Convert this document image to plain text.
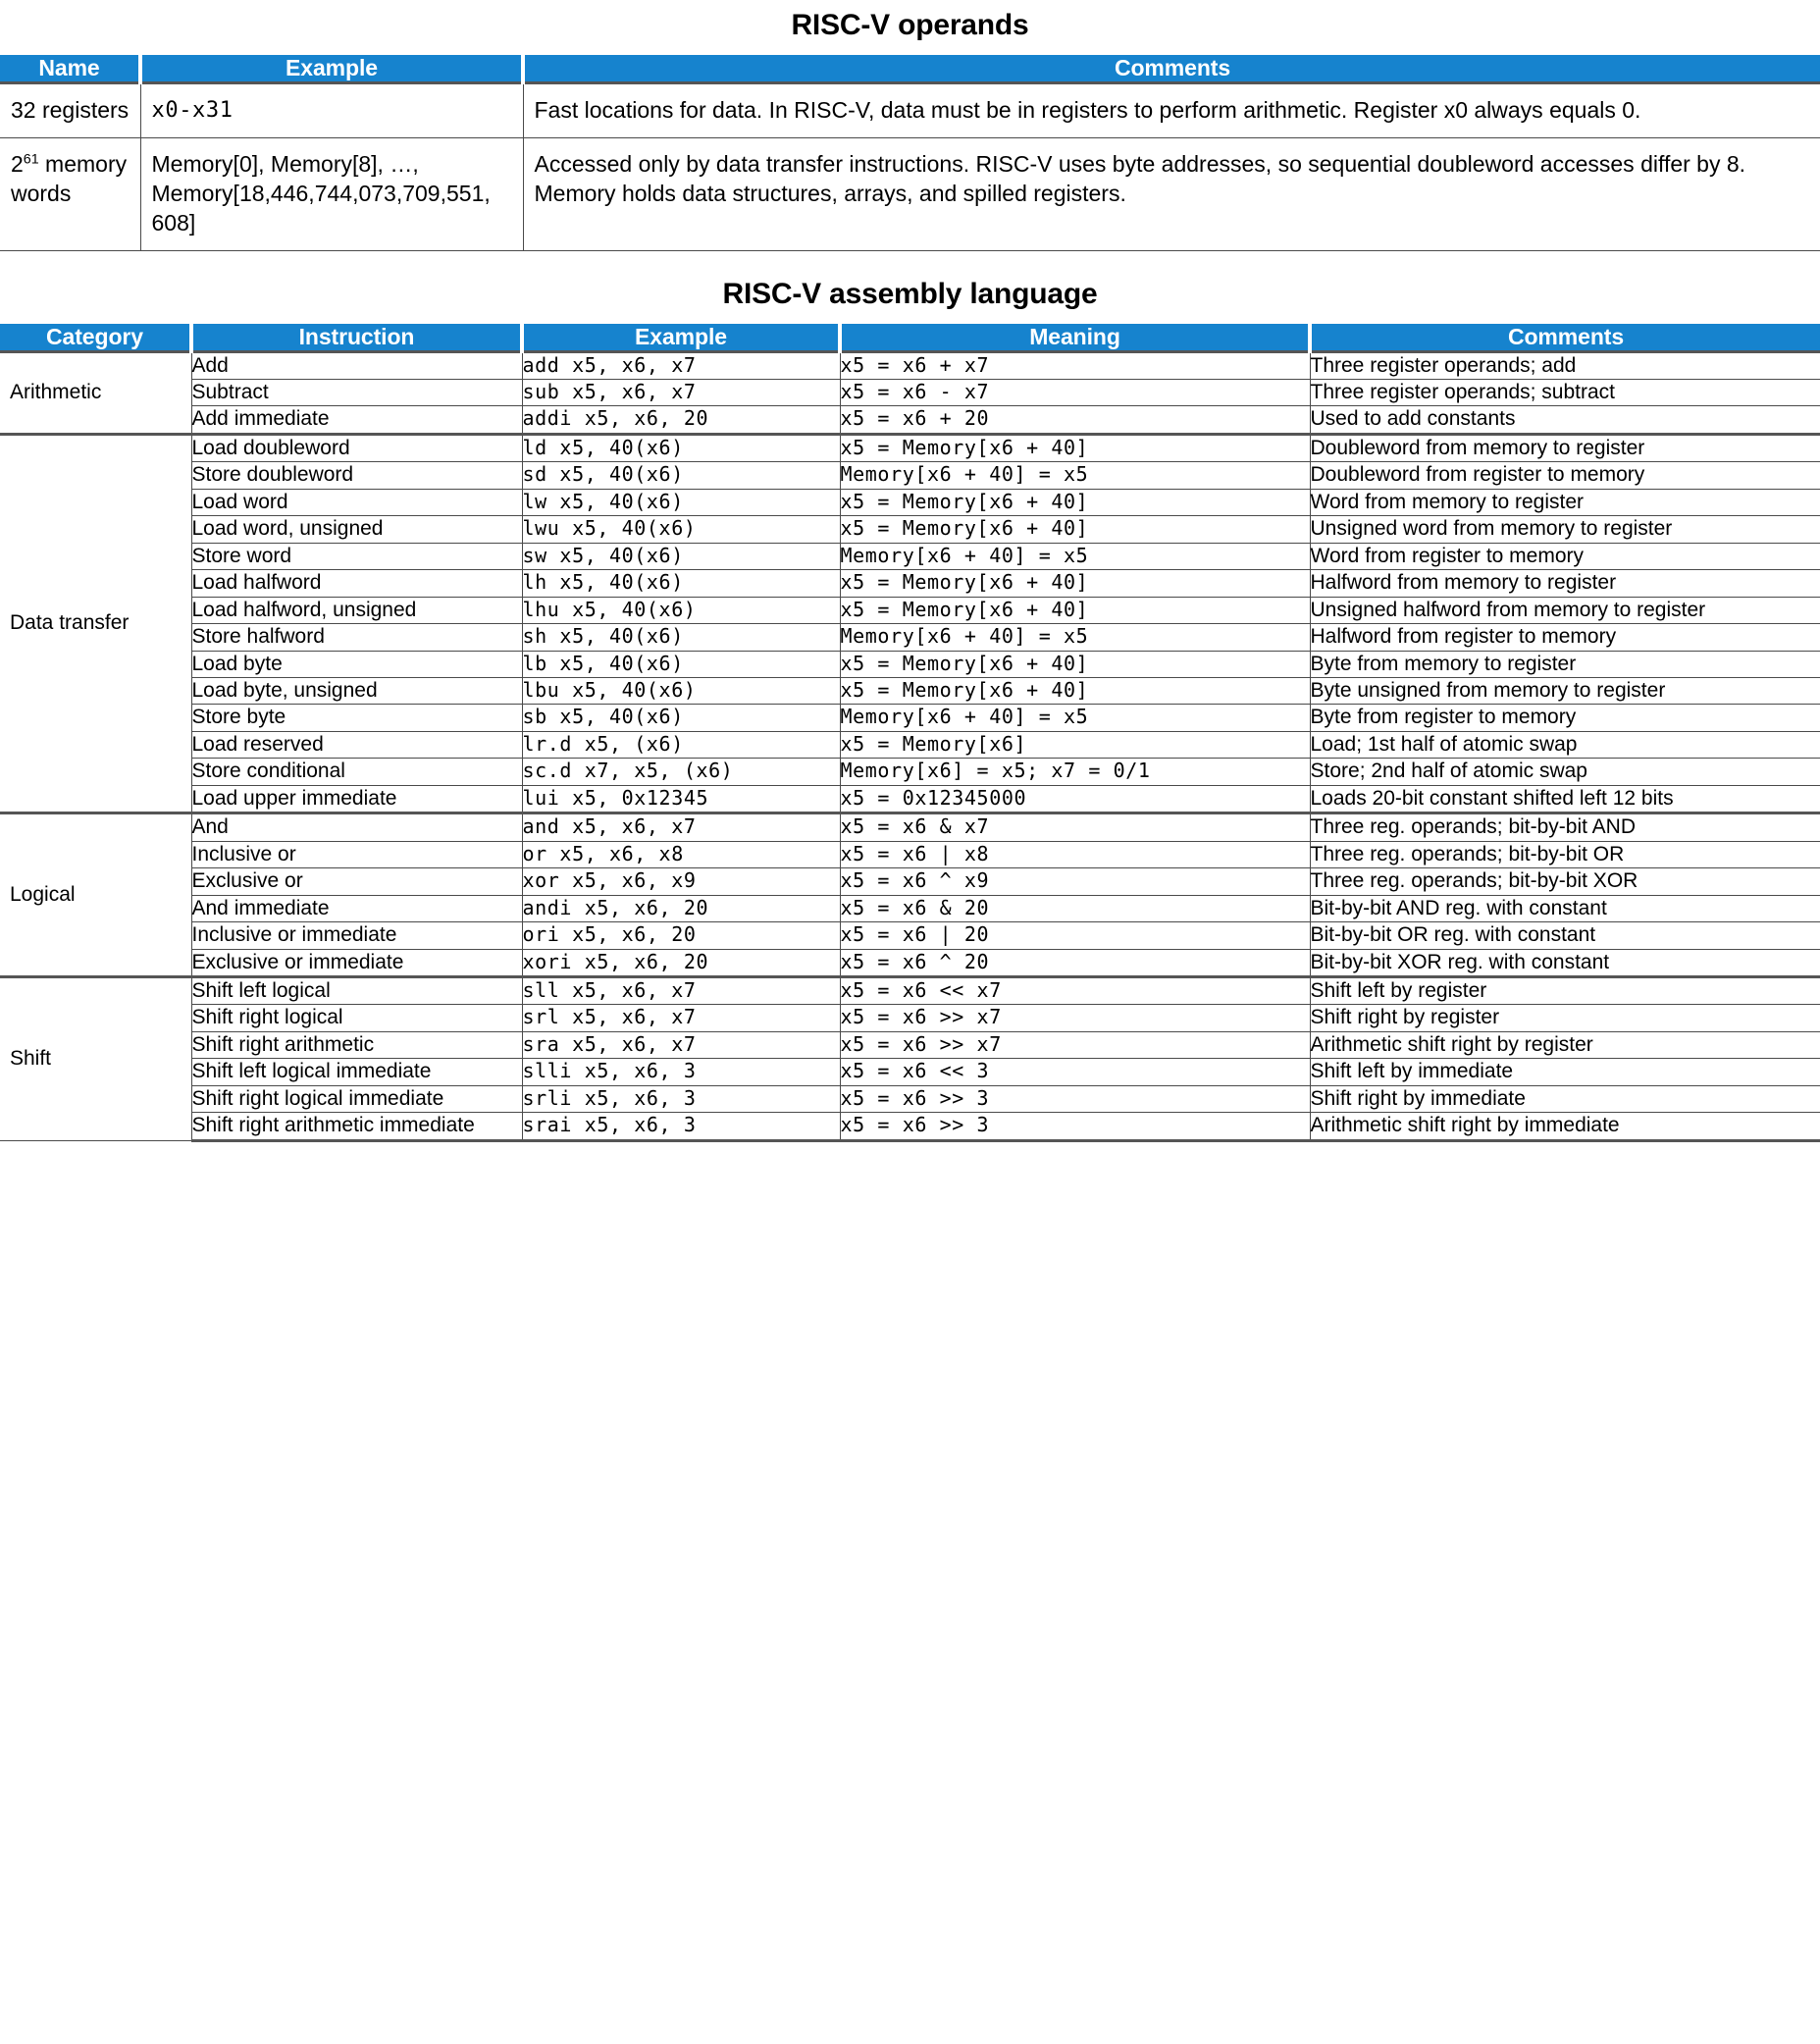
RISC-V operands
Name	Example	Comments
32 registers	x0-x31	Fast locations for data. In RISC-V, data must be in registers to perform arithmetic. Register x0 always equals 0.
$2^{61}$ memory words	Memory[0], Memory[8], …, Memory[18,446,744,073,709,551, 608]	Accessed only by data transfer instructions. RISC-V uses byte addresses, so sequential doubleword accesses differ by 8. Memory holds data structures, arrays, and spilled registers.
RISC-V assembly language
Category	Instruction	Example	Meaning	Comments
Arithmetic	Add	add x5, x6, x7	x5 = x6 + x7	Three register operands; add
	Subtract	sub x5, x6, x7	x5 = x6 - x7	Three register operands; subtract
	Add immediate	addi x5, x6, 20	x5 = x6 + 20	Used to add constants
Data transfer	Load doubleword	ld x5, 40(x6)	x5 = Memory[x6 + 40]	Doubleword from memory to register
	Store doubleword	sd x5, 40(x6)	Memory[x6 + 40] = x5	Doubleword from register to memory
	Load word	lw x5, 40(x6)	x5 = Memory[x6 + 40]	Word from memory to register
	Load word, unsigned	lwu x5, 40(x6)	x5 = Memory[x6 + 40]	Unsigned word from memory to register
	Store word	sw x5, 40(x6)	Memory[x6 + 40] = x5	Word from register to memory
	Load halfword	lh x5, 40(x6)	x5 = Memory[x6 + 40]	Halfword from memory to register
	Load halfword, unsigned	lhu x5, 40(x6)	x5 = Memory[x6 + 40]	Unsigned halfword from memory to register
	Store halfword	sh x5, 40(x6)	Memory[x6 + 40] = x5	Halfword from register to memory
	Load byte	lb x5, 40(x6)	x5 = Memory[x6 + 40]	Byte from memory to register
	Load byte, unsigned	lbu x5, 40(x6)	x5 = Memory[x6 + 40]	Byte unsigned from memory to register
	Store byte	sb x5, 40(x6)	Memory[x6 + 40] = x5	Byte from register to memory
	Load reserved	lr.d x5, (x6)	x5 = Memory[x6]	Load; 1st half of atomic swap
	Store conditional	sc.d x7, x5, (x6)	Memory[x6] = x5; x7 = 0/1	Store; 2nd half of atomic swap
	Load upper immediate	lui x5, 0x12345	x5 = 0x12345000	Loads 20-bit constant shifted left 12 bits
Logical	And	and x5, x6, x7	x5 = x6 & x7	Three reg. operands; bit-by-bit AND
	Inclusive or	or x5, x6, x8	x5 = x6 | x8	Three reg. operands; bit-by-bit OR
	Exclusive or	xor x5, x6, x9	x5 = x6 ^ x9	Three reg. operands; bit-by-bit XOR
	And immediate	andi x5, x6, 20	x5 = x6 & 20	Bit-by-bit AND reg. with constant
	Inclusive or immediate	ori x5, x6, 20	x5 = x6 | 20	Bit-by-bit OR reg. with constant
	Exclusive or immediate	xori x5, x6, 20	x5 = x6 ^ 20	Bit-by-bit XOR reg. with constant
Shift	Shift left logical	sll x5, x6, x7	x5 = x6 << x7	Shift left by register
	Shift right logical	srl x5, x6, x7	x5 = x6 >> x7	Shift right by register
	Shift right arithmetic	sra x5, x6, x7	x5 = x6 >> x7	Arithmetic shift right by register
	Shift left logical immediate	slli x5, x6, 3	x5 = x6 << 3	Shift left by immediate
	Shift right logical immediate	srli x5, x6, 3	x5 = x6 >> 3	Shift right by immediate
	Shift right arithmetic immediate	srai x5, x6, 3	x5 = x6 >> 3	Arithmetic shift right by immediate
